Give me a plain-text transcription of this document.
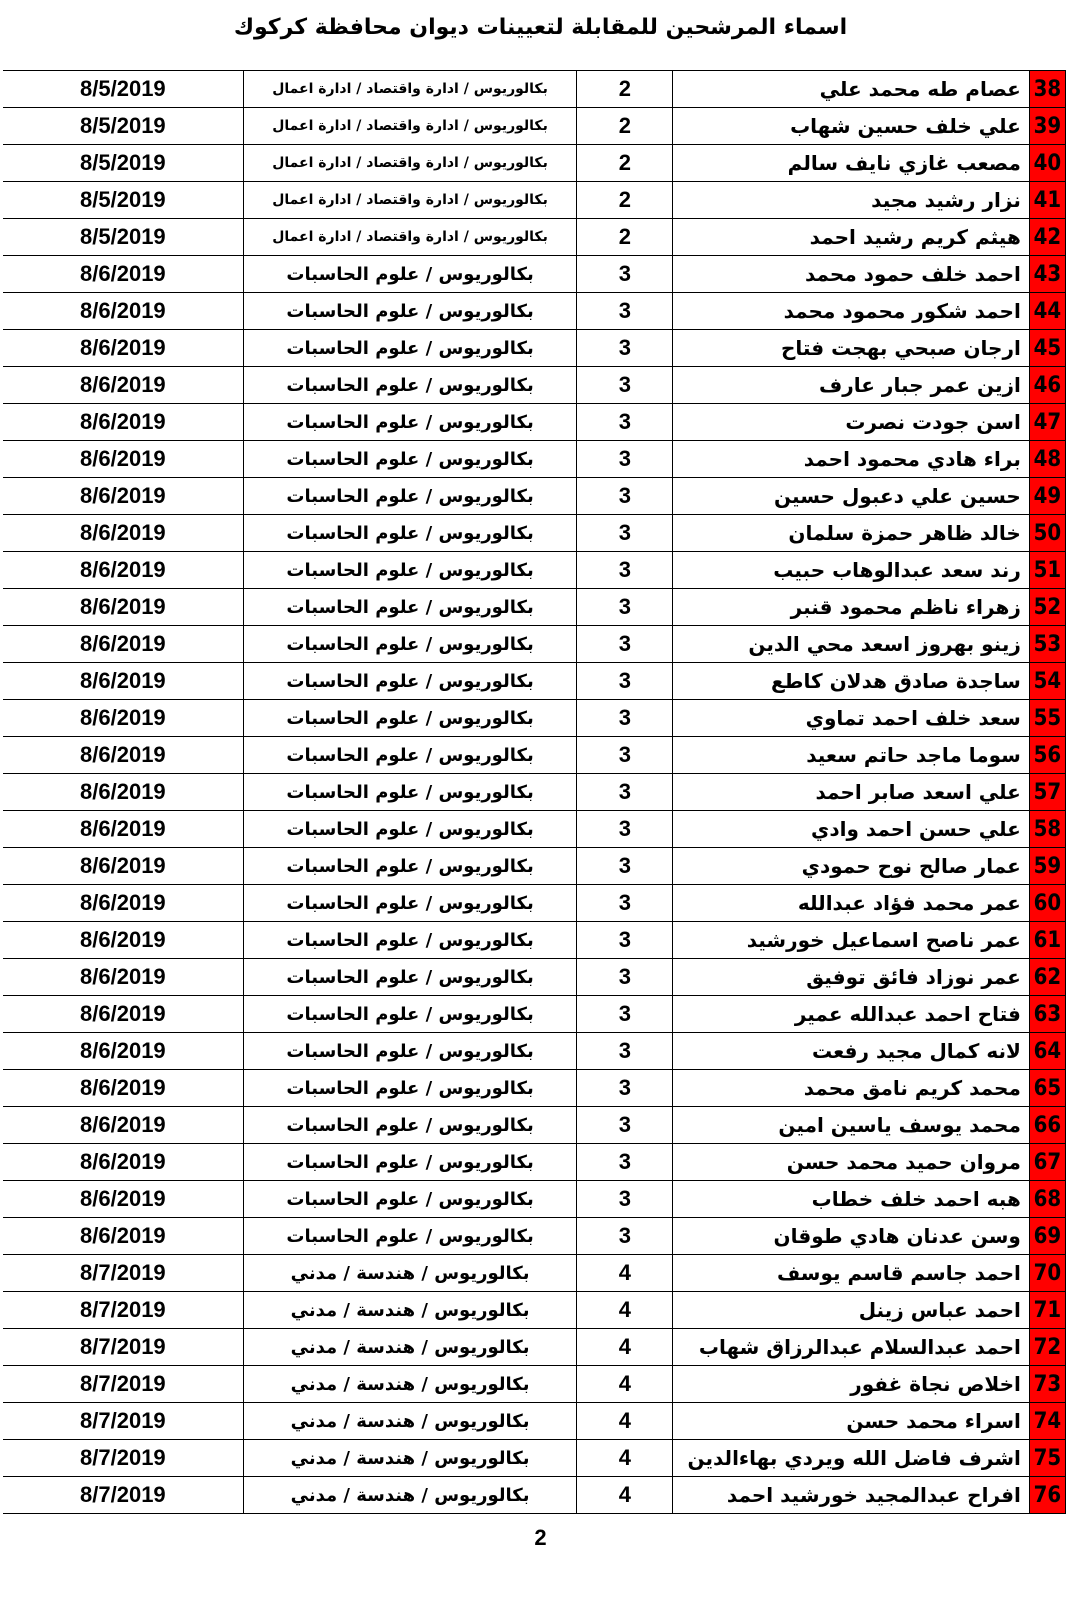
اسماء المرشحين للمقابلة لتعيينات ديوان محافظة كركوك
38	عصام طه محمد علي	2	بكالوريوس / ادارة واقتصاد / ادارة اعمال	8/5/2019
39	علي خلف حسين شهاب	2	بكالوريوس / ادارة واقتصاد / ادارة اعمال	8/5/2019
40	مصعب غازي نايف سالم	2	بكالوريوس / ادارة واقتصاد / ادارة اعمال	8/5/2019
41	نزار رشيد مجيد	2	بكالوريوس / ادارة واقتصاد / ادارة اعمال	8/5/2019
42	هيثم كريم رشيد احمد	2	بكالوريوس / ادارة واقتصاد / ادارة اعمال	8/5/2019
43	احمد خلف حمود محمد	3	بكالوريوس / علوم الحاسبات	8/6/2019
44	احمد شكور محمود محمد	3	بكالوريوس / علوم الحاسبات	8/6/2019
45	ارجان صبحي بهجت فتاح	3	بكالوريوس / علوم الحاسبات	8/6/2019
46	ازين عمر جبار عارف	3	بكالوريوس / علوم الحاسبات	8/6/2019
47	اسن جودت نصرت	3	بكالوريوس / علوم الحاسبات	8/6/2019
48	براء هادي محمود احمد	3	بكالوريوس / علوم الحاسبات	8/6/2019
49	حسين علي دعبول حسين	3	بكالوريوس / علوم الحاسبات	8/6/2019
50	خالد ظاهر حمزة سلمان	3	بكالوريوس / علوم الحاسبات	8/6/2019
51	رند سعد عبدالوهاب حبيب	3	بكالوريوس / علوم الحاسبات	8/6/2019
52	زهراء ناظم محمود قنبر	3	بكالوريوس / علوم الحاسبات	8/6/2019
53	زينو بهروز اسعد محي الدين	3	بكالوريوس / علوم الحاسبات	8/6/2019
54	ساجدة صادق هدلان كاطع	3	بكالوريوس / علوم الحاسبات	8/6/2019
55	سعد خلف احمد تماوي	3	بكالوريوس / علوم الحاسبات	8/6/2019
56	سوما ماجد حاتم سعيد	3	بكالوريوس / علوم الحاسبات	8/6/2019
57	علي اسعد صابر احمد	3	بكالوريوس / علوم الحاسبات	8/6/2019
58	علي حسن احمد وادي	3	بكالوريوس / علوم الحاسبات	8/6/2019
59	عمار صالح نوح حمودي	3	بكالوريوس / علوم الحاسبات	8/6/2019
60	عمر محمد فؤاد عبدالله	3	بكالوريوس / علوم الحاسبات	8/6/2019
61	عمر ناصح اسماعيل خورشيد	3	بكالوريوس / علوم الحاسبات	8/6/2019
62	عمر نوزاد فائق توفيق	3	بكالوريوس / علوم الحاسبات	8/6/2019
63	فتاح احمد عبدالله عمير	3	بكالوريوس / علوم الحاسبات	8/6/2019
64	لانه كمال مجيد رفعت	3	بكالوريوس / علوم الحاسبات	8/6/2019
65	محمد كريم نامق محمد	3	بكالوريوس / علوم الحاسبات	8/6/2019
66	محمد يوسف ياسين امين	3	بكالوريوس / علوم الحاسبات	8/6/2019
67	مروان حميد محمد حسن	3	بكالوريوس / علوم الحاسبات	8/6/2019
68	هبه احمد خلف خطاب	3	بكالوريوس / علوم الحاسبات	8/6/2019
69	وسن عدنان هادي طوقان	3	بكالوريوس / علوم الحاسبات	8/6/2019
70	احمد جاسم قاسم يوسف	4	بكالوريوس / هندسة / مدني	8/7/2019
71	احمد عباس زينل	4	بكالوريوس / هندسة / مدني	8/7/2019
72	احمد عبدالسلام عبدالرزاق شهاب	4	بكالوريوس / هندسة / مدني	8/7/2019
73	اخلاص نجاة غفور	4	بكالوريوس / هندسة / مدني	8/7/2019
74	اسراء محمد حسن	4	بكالوريوس / هندسة / مدني	8/7/2019
75	اشرف فاضل الله ويردي بهاءالدين	4	بكالوريوس / هندسة / مدني	8/7/2019
76	افراح عبدالمجيد خورشيد احمد	4	بكالوريوس / هندسة / مدني	8/7/2019
2
